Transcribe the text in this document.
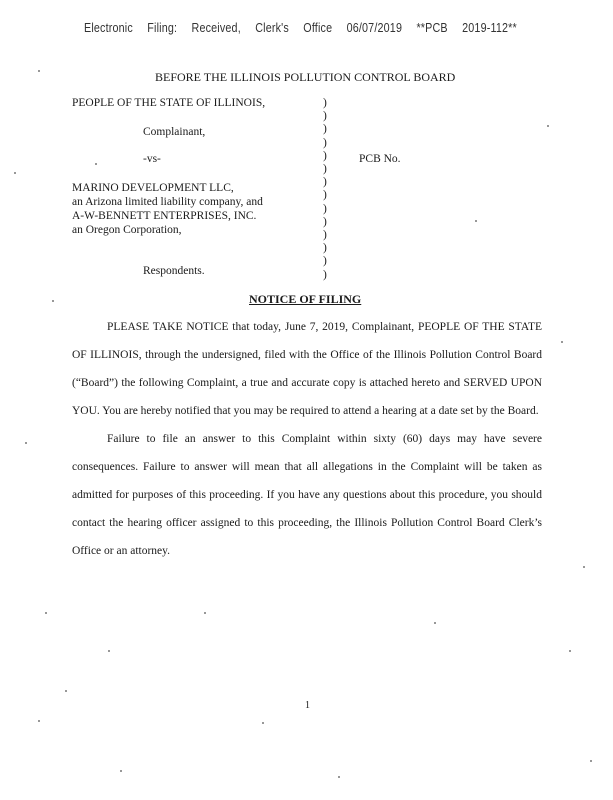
Electronic Filing: Received, Clerk's Office 06/07/2019 **PCB 2019-112**
BEFORE THE ILLINOIS POLLUTION CONTROL BOARD
PEOPLE OF THE STATE OF ILLINOIS,
Complainant,
-vs-	PCB No.
MARINO DEVELOPMENT LLC,
an Arizona limited liability company, and
A-W-BENNETT ENTERPRISES, INC.
an Oregon Corporation,
Respondents.
)
)
)
)
)
)
)
)
)
)
)
)
)
)
NOTICE OF FILING

PLEASE TAKE NOTICE that today, June 7, 2019, Complainant, PEOPLE OF THE STATE OF ILLINOIS, through the undersigned, filed with the Office of the Illinois Pollution Control Board (“Board”) the following Complaint, a true and accurate copy is attached hereto and SERVED UPON YOU. You are hereby notified that you may be required to attend a hearing at a date set by the Board.

Failure to file an answer to this Complaint within sixty (60) days may have severe consequences. Failure to answer will mean that all allegations in the Complaint will be taken as admitted for purposes of this proceeding. If you have any questions about this procedure, you should contact the hearing officer assigned to this proceeding, the Illinois Pollution Control Board Clerk’s Office or an attorney.

1
